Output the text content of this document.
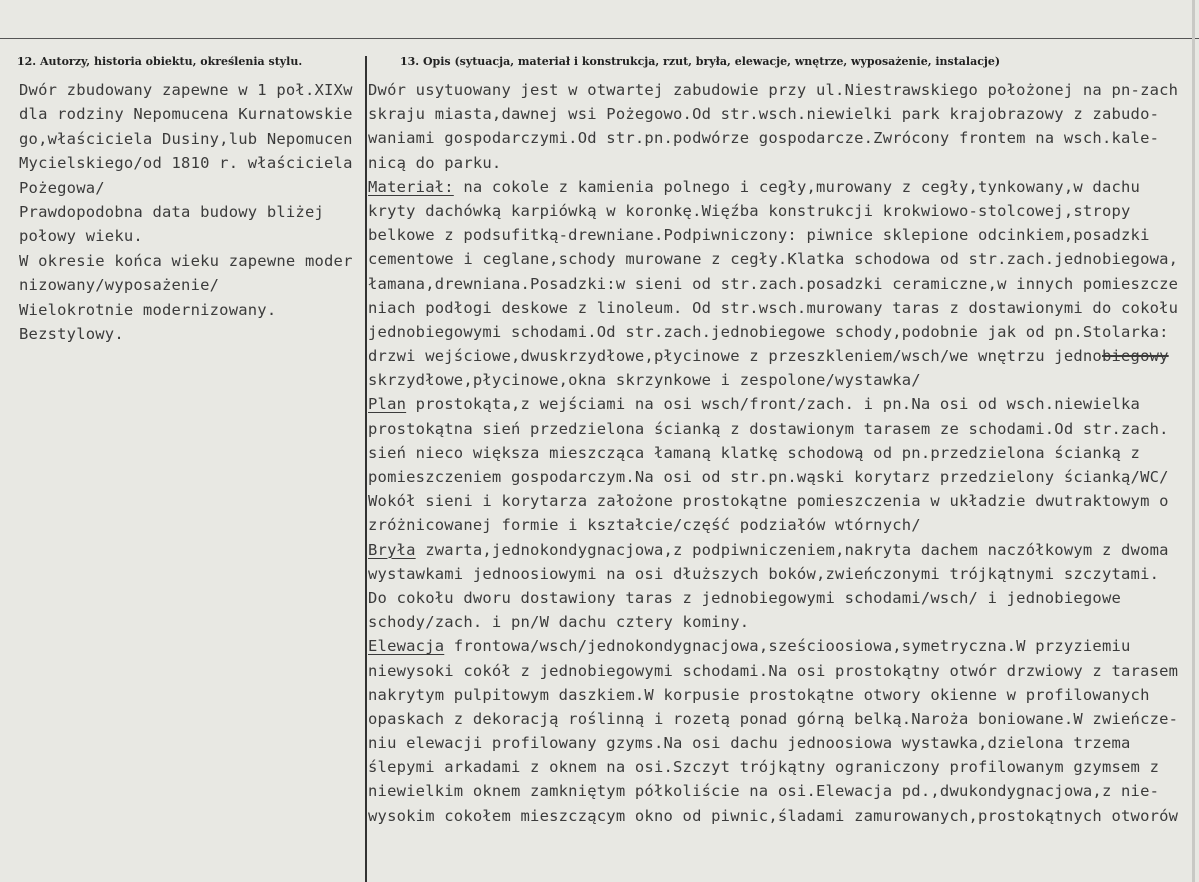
12. Autorzy, historia obiektu, określenia stylu.	13. Opis (sytuacja, materiał i konstrukcja, rzut, bryła, elewacje, wnętrze, wyposażenie, instalacje)
Dwór zbudowany zapewne w 1 poł.XIXw
dla rodziny Nepomucena Kurnatowskie
go,właściciela Dusiny,lub Nepomucen
Mycielskiego/od 1810 r. właściciela
Pożegowa/
Prawdopodobna data budowy bliżej
połowy wieku.
W okresie końca wieku zapewne moder
nizowany/wyposażenie/
Wielokrotnie modernizowany.
Bezstylowy.
Dwór usytuowany jest w otwartej zabudowie przy ul.Niestrawskiego położonej na pn-zach
skraju miasta,dawnej wsi Pożegowo.Od str.wsch.niewielki park krajobrazowy z zabudo-
waniami gospodarczymi.Od str.pn.podwórze gospodarcze.Zwrócony frontem na wsch.kale-
nicą do parku.
Materiał: na cokole z kamienia polnego i cegły,murowany z cegły,tynkowany,w dachu
kryty dachówką karpiówką w koronkę.Więźba konstrukcji krokwiowo-stolcowej,stropy
belkowe z podsufitką-drewniane.Podpiwniczony: piwnice sklepione odcinkiem,posadzki
cementowe i ceglane,schody murowane z cegły.Klatka schodowa od str.zach.jednobiegowa,
łamana,drewniana.Posadzki:w sieni od str.zach.posadzki ceramiczne,w innych pomieszcze
niach podłogi deskowe z linoleum. Od str.wsch.murowany taras z dostawionymi do cokołu
jednobiegowymi schodami.Od str.zach.jednobiegowe schody,podobnie jak od pn.Stolarka:
drzwi wejściowe,dwuskrzydłowe,płycinowe z przeszkleniem/wsch/we wnętrzu jednobiegowy
skrzydłowe,płycinowe,okna skrzynkowe i zespolone/wystawka/
Plan prostokąta,z wejściami na osi wsch/front/zach. i pn.Na osi od wsch.niewielka
prostokątna sień przedzielona ścianką z dostawionym tarasem ze schodami.Od str.zach.
sień nieco większa mieszcząca łamaną klatkę schodową od pn.przedzielona ścianką z
pomieszczeniem gospodarczym.Na osi od str.pn.wąski korytarz przedzielony ścianką/WC/
Wokół sieni i korytarza założone prostokątne pomieszczenia w układzie dwutraktowym o
zróżnicowanej formie i kształcie/część podziałów wtórnych/
Bryła zwarta,jednokondygnacjowa,z podpiwniczeniem,nakryta dachem naczółkowym z dwoma
wystawkami jednoosiowymi na osi dłuższych boków,zwieńczonymi trójkątnymi szczytami.
Do cokołu dworu dostawiony taras z jednobiegowymi schodami/wsch/ i jednobiegowe
schody/zach. i pn/W dachu cztery kominy.
Elewacja frontowa/wsch/jednokondygnacjowa,sześcioosiowa,symetryczna.W przyziemiu
niewysoki cokół z jednobiegowymi schodami.Na osi prostokątny otwór drzwiowy z tarasem
nakrytym pulpitowym daszkiem.W korpusie prostokątne otwory okienne w profilowanych
opaskach z dekoracją roślinną i rozetą ponad górną belką.Naroża boniowane.W zwieńcze-
niu elewacji profilowany gzyms.Na osi dachu jednoosiowa wystawka,dzielona trzema
ślepymi arkadami z oknem na osi.Szczyt trójkątny ograniczony profilowanym gzymsem z
niewielkim oknem zamkniętym półkoliście na osi.Elewacja pd.,dwukondygnacjowa,z nie-
wysokim cokołem mieszczącym okno od piwnic,śladami zamurowanych,prostokątnych otworów
